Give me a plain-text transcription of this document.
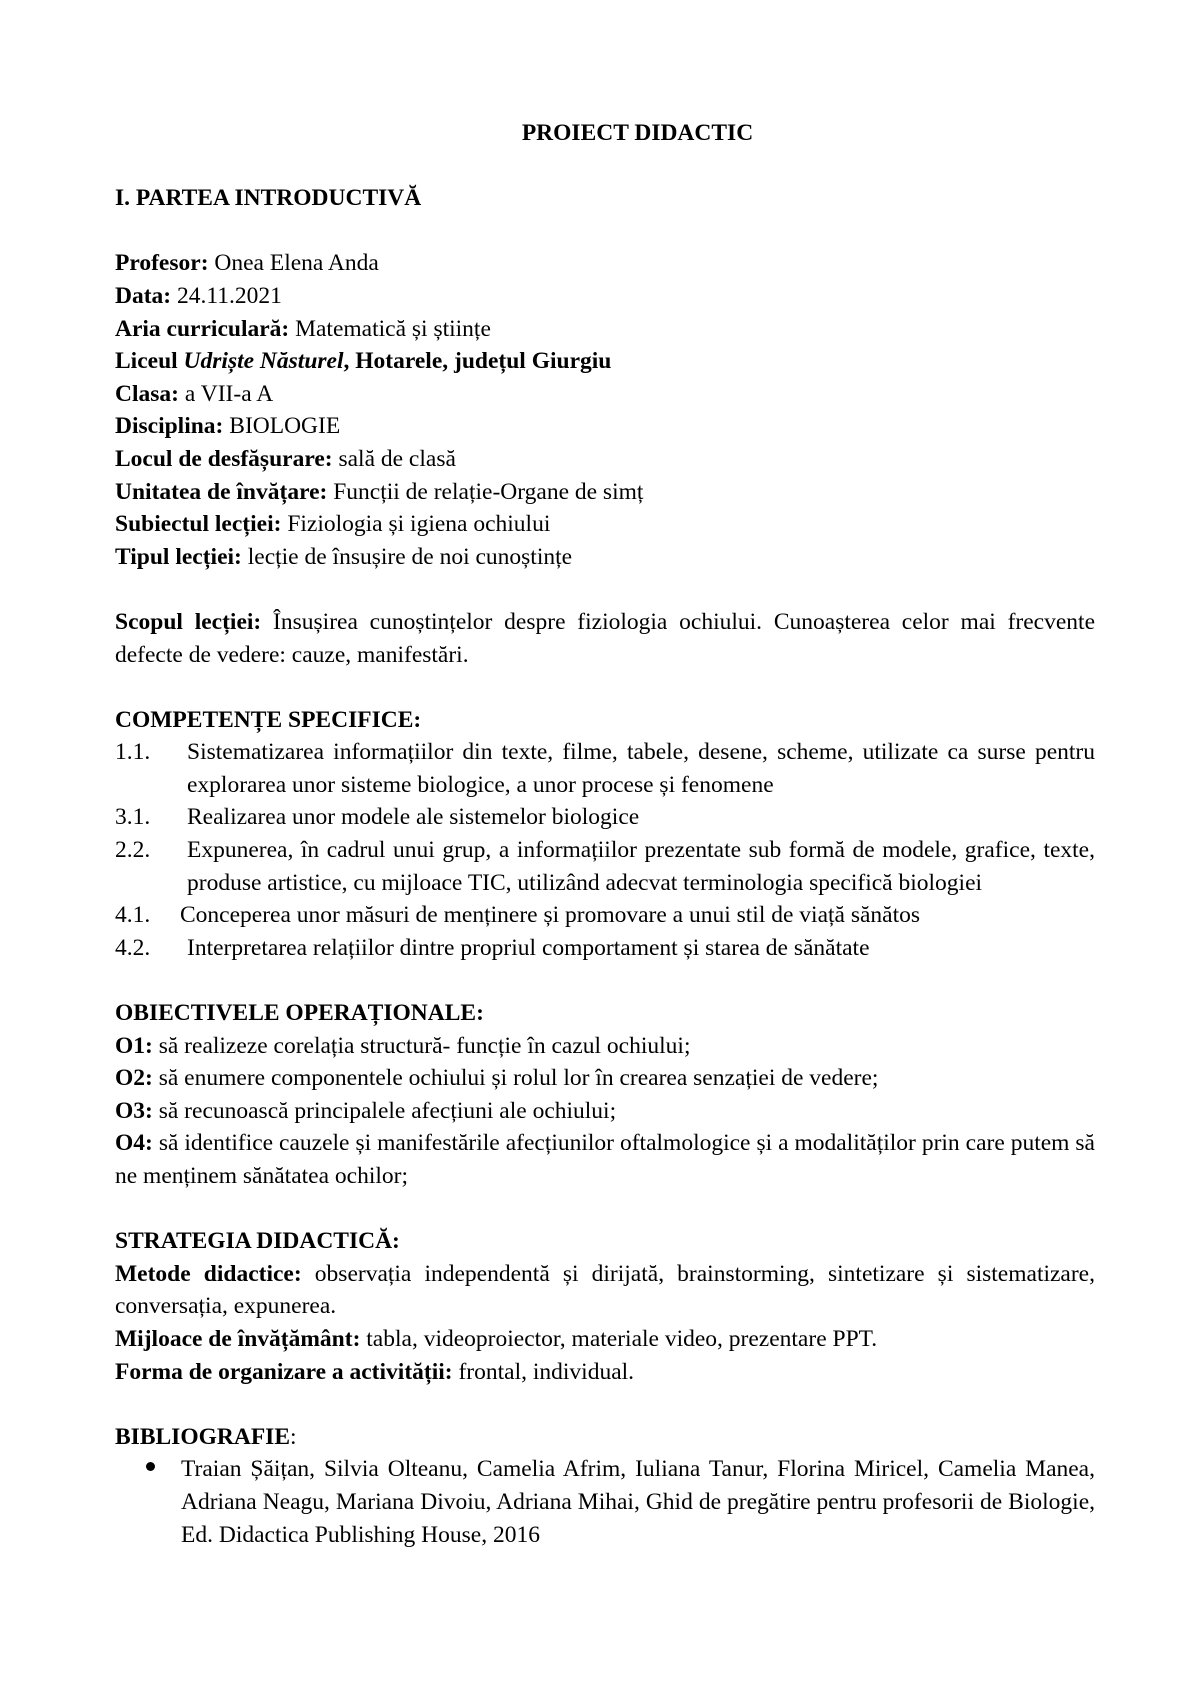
PROIECT DIDACTIC

I. PARTEA INTRODUCTIVĂ

Profesor: Onea Elena Anda

Data: 24.11.2021

Aria curriculară: Matematică și științe

Liceul Udriște Năsturel, Hotarele, județul Giurgiu

Clasa: a VII-a A

Disciplina: BIOLOGIE

Locul de desfășurare: sală de clasă

Unitatea de învățare: Funcții de relație-Organe de simț

Subiectul lecției: Fiziologia și igiena ochiului

Tipul lecției: lecție de însușire de noi cunoștințe

Scopul lecției: Însușirea cunoștințelor despre fiziologia ochiului. Cunoașterea celor mai frecvente defecte de vedere: cauze, manifestări.

COMPETENȚE SPECIFICE:

1.1.	Sistematizarea informațiilor din texte, filme, tabele, desene, scheme, utilizate ca surse pentru explorarea unor sisteme biologice, a unor procese și fenomene
3.1.	Realizarea unor modele ale sistemelor biologice
2.2.	Expunerea, în cadrul unui grup, a informațiilor prezentate sub formă de modele, grafice, texte, produse artistice, cu mijloace TIC, utilizând adecvat terminologia specifică biologiei
4.1.	Concеperea unor măsuri de menținere și promovare a unui stil de viață sănătos
4.2.	Interpretarea relațiilor dintre propriul comportament și starea de sănătate

OBIECTIVELE OPERAȚIONALE:

O1: să realizeze corelația structură- funcție în cazul ochiului;

O2: să enumere componentele ochiului și rolul lor în crearea senzației de vedere;

O3: să recunoască principalele afecțiuni ale ochiului;

O4: să identifice cauzele și manifestările afecțiunilor oftalmologice și a modalităților prin care putem să ne menținem sănătatea ochilor;

STRATEGIA DIDACTICĂ:

Metode didactice: observația independentă și dirijată, brainstorming, sintetizare și sistematizare, conversația, expunerea.

Mijloace de învățământ: tabla, videoproiector, materiale video, prezentare PPT.

Forma de organizare a activității: frontal, individual.

BIBLIOGRAFIE:

Traian Șăițan, Silvia Olteanu, Camelia Afrim, Iuliana Tanur, Florina Miricel, Camelia Manea, Adriana Neagu, Mariana Divoiu, Adriana Mihai, Ghid de pregătire pentru profesorii de Biologie, Ed. Didactica Publishing House, 2016
